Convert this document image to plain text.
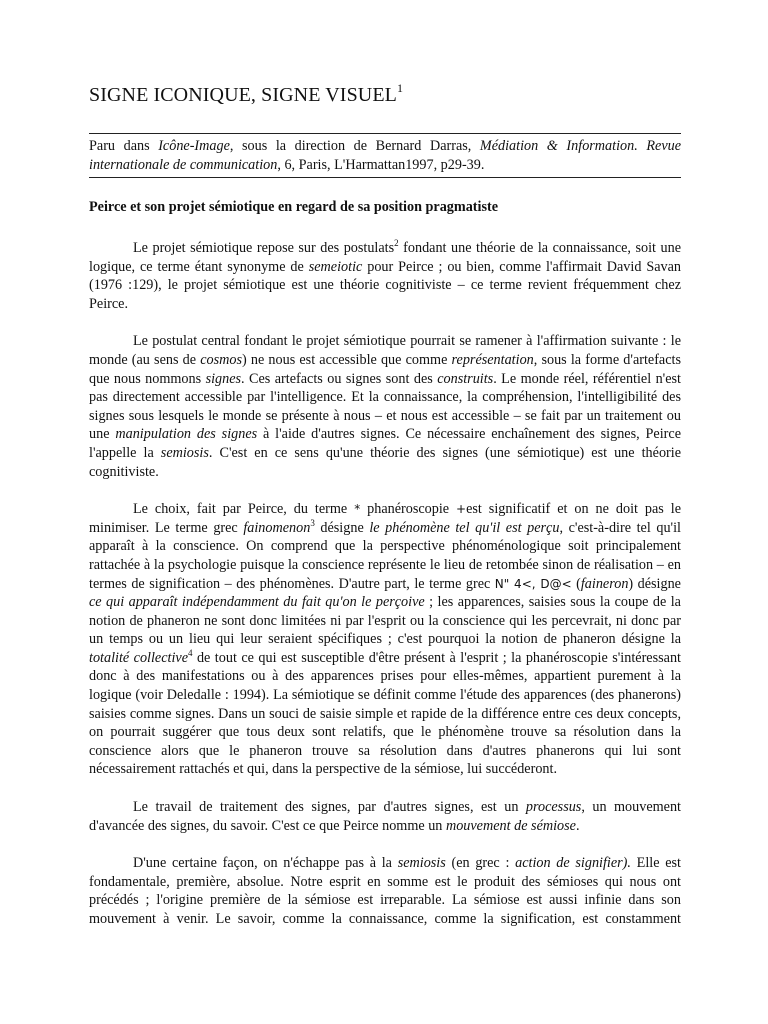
SIGNE ICONIQUE, SIGNE VISUEL$^1$

Paru dans Icône-Image, sous la direction de Bernard Darras, Médiation & Information. Revue internationale de communication, 6, Paris, L'Harmattan1997, p29-39.

Peirce et son projet sémiotique en regard de sa position pragmatiste

Le projet sémiotique repose sur des postulats$^2$ fondant une théorie de la connaissance, soit une logique, ce terme étant synonyme de semeiotic pour Peirce ; ou bien, comme l'affirmait David Savan (1976 :129), le projet sémiotique est une théorie cognitiviste – ce terme revient fréquemment chez Peirce.

Le postulat central fondant le projet sémiotique pourrait se ramener à l'affirmation suivante : le monde (au sens de cosmos) ne nous est accessible que comme représentation, sous la forme d'artefacts que nous nommons signes. Ces artefacts ou signes sont des construits. Le monde réel, référentiel n'est pas directement accessible par l'intelligence. Et la connaissance, la compréhension, l'intelligibilité des signes sous lesquels le monde se présente à nous – et nous est accessible – se fait par un traitement ou une manipulation des signes à l'aide d'autres signes. Ce nécessaire enchaînement des signes, Peirce l'appelle la semiosis. C'est en ce sens qu'une théorie des signes (une sémiotique) est une théorie cognitiviste.

Le choix, fait par Peirce, du terme * phanéroscopie +est significatif et on ne doit pas le minimiser. Le terme grec fainomenon$^3$ désigne le phénomène tel qu'il est perçu, c'est-à-dire tel qu'il apparaît à la conscience. On comprend que la perspective phénoménologique soit principalement rattachée à la psychologie puisque la conscience représente le lieu de retombée sinon de réalisation – en termes de signification – des phénomènes. D'autre part, le terme grec N" 4<, D@< (faineron) désigne ce qui apparaît indépendamment du fait qu'on le perçoive ; les apparences, saisies sous la coupe de la notion de phaneron ne sont donc limitées ni par l'esprit ou la conscience qui les percevrait, ni donc par un temps ou un lieu qui leur seraient spécifiques ; c'est pourquoi la notion de phaneron désigne la totalité collective$^4$ de tout ce qui est susceptible d'être présent à l'esprit ; la phanéroscopie s'intéressant donc à des manifestations ou à des apparences prises pour elles-mêmes, appartient purement à la logique (voir Deledalle : 1994). La sémiotique se définit comme l'étude des apparences (des phanerons) saisies comme signes. Dans un souci de saisie simple et rapide de la différence entre ces deux concepts, on pourrait suggérer que tous deux sont relatifs, que le phénomène trouve sa résolution dans la conscience alors que le phaneron trouve sa résolution dans d'autres phanerons qui lui sont nécessairement rattachés et qui, dans la perspective de la sémiose, lui succéderont.

Le travail de traitement des signes, par d'autres signes, est un processus, un mouvement d'avancée des signes, du savoir. C'est ce que Peirce nomme un mouvement de sémiose.

D'une certaine façon, on n'échappe pas à la semiosis (en grec : action de signifier). Elle est fondamentale, première, absolue. Notre esprit en somme est le produit des sémioses qui nous ont précédés ; l'origine première de la sémiose est irreparable. La sémiose est aussi infinie dans son mouvement à venir. Le savoir, comme la connaissance, comme la signification, est constamment
